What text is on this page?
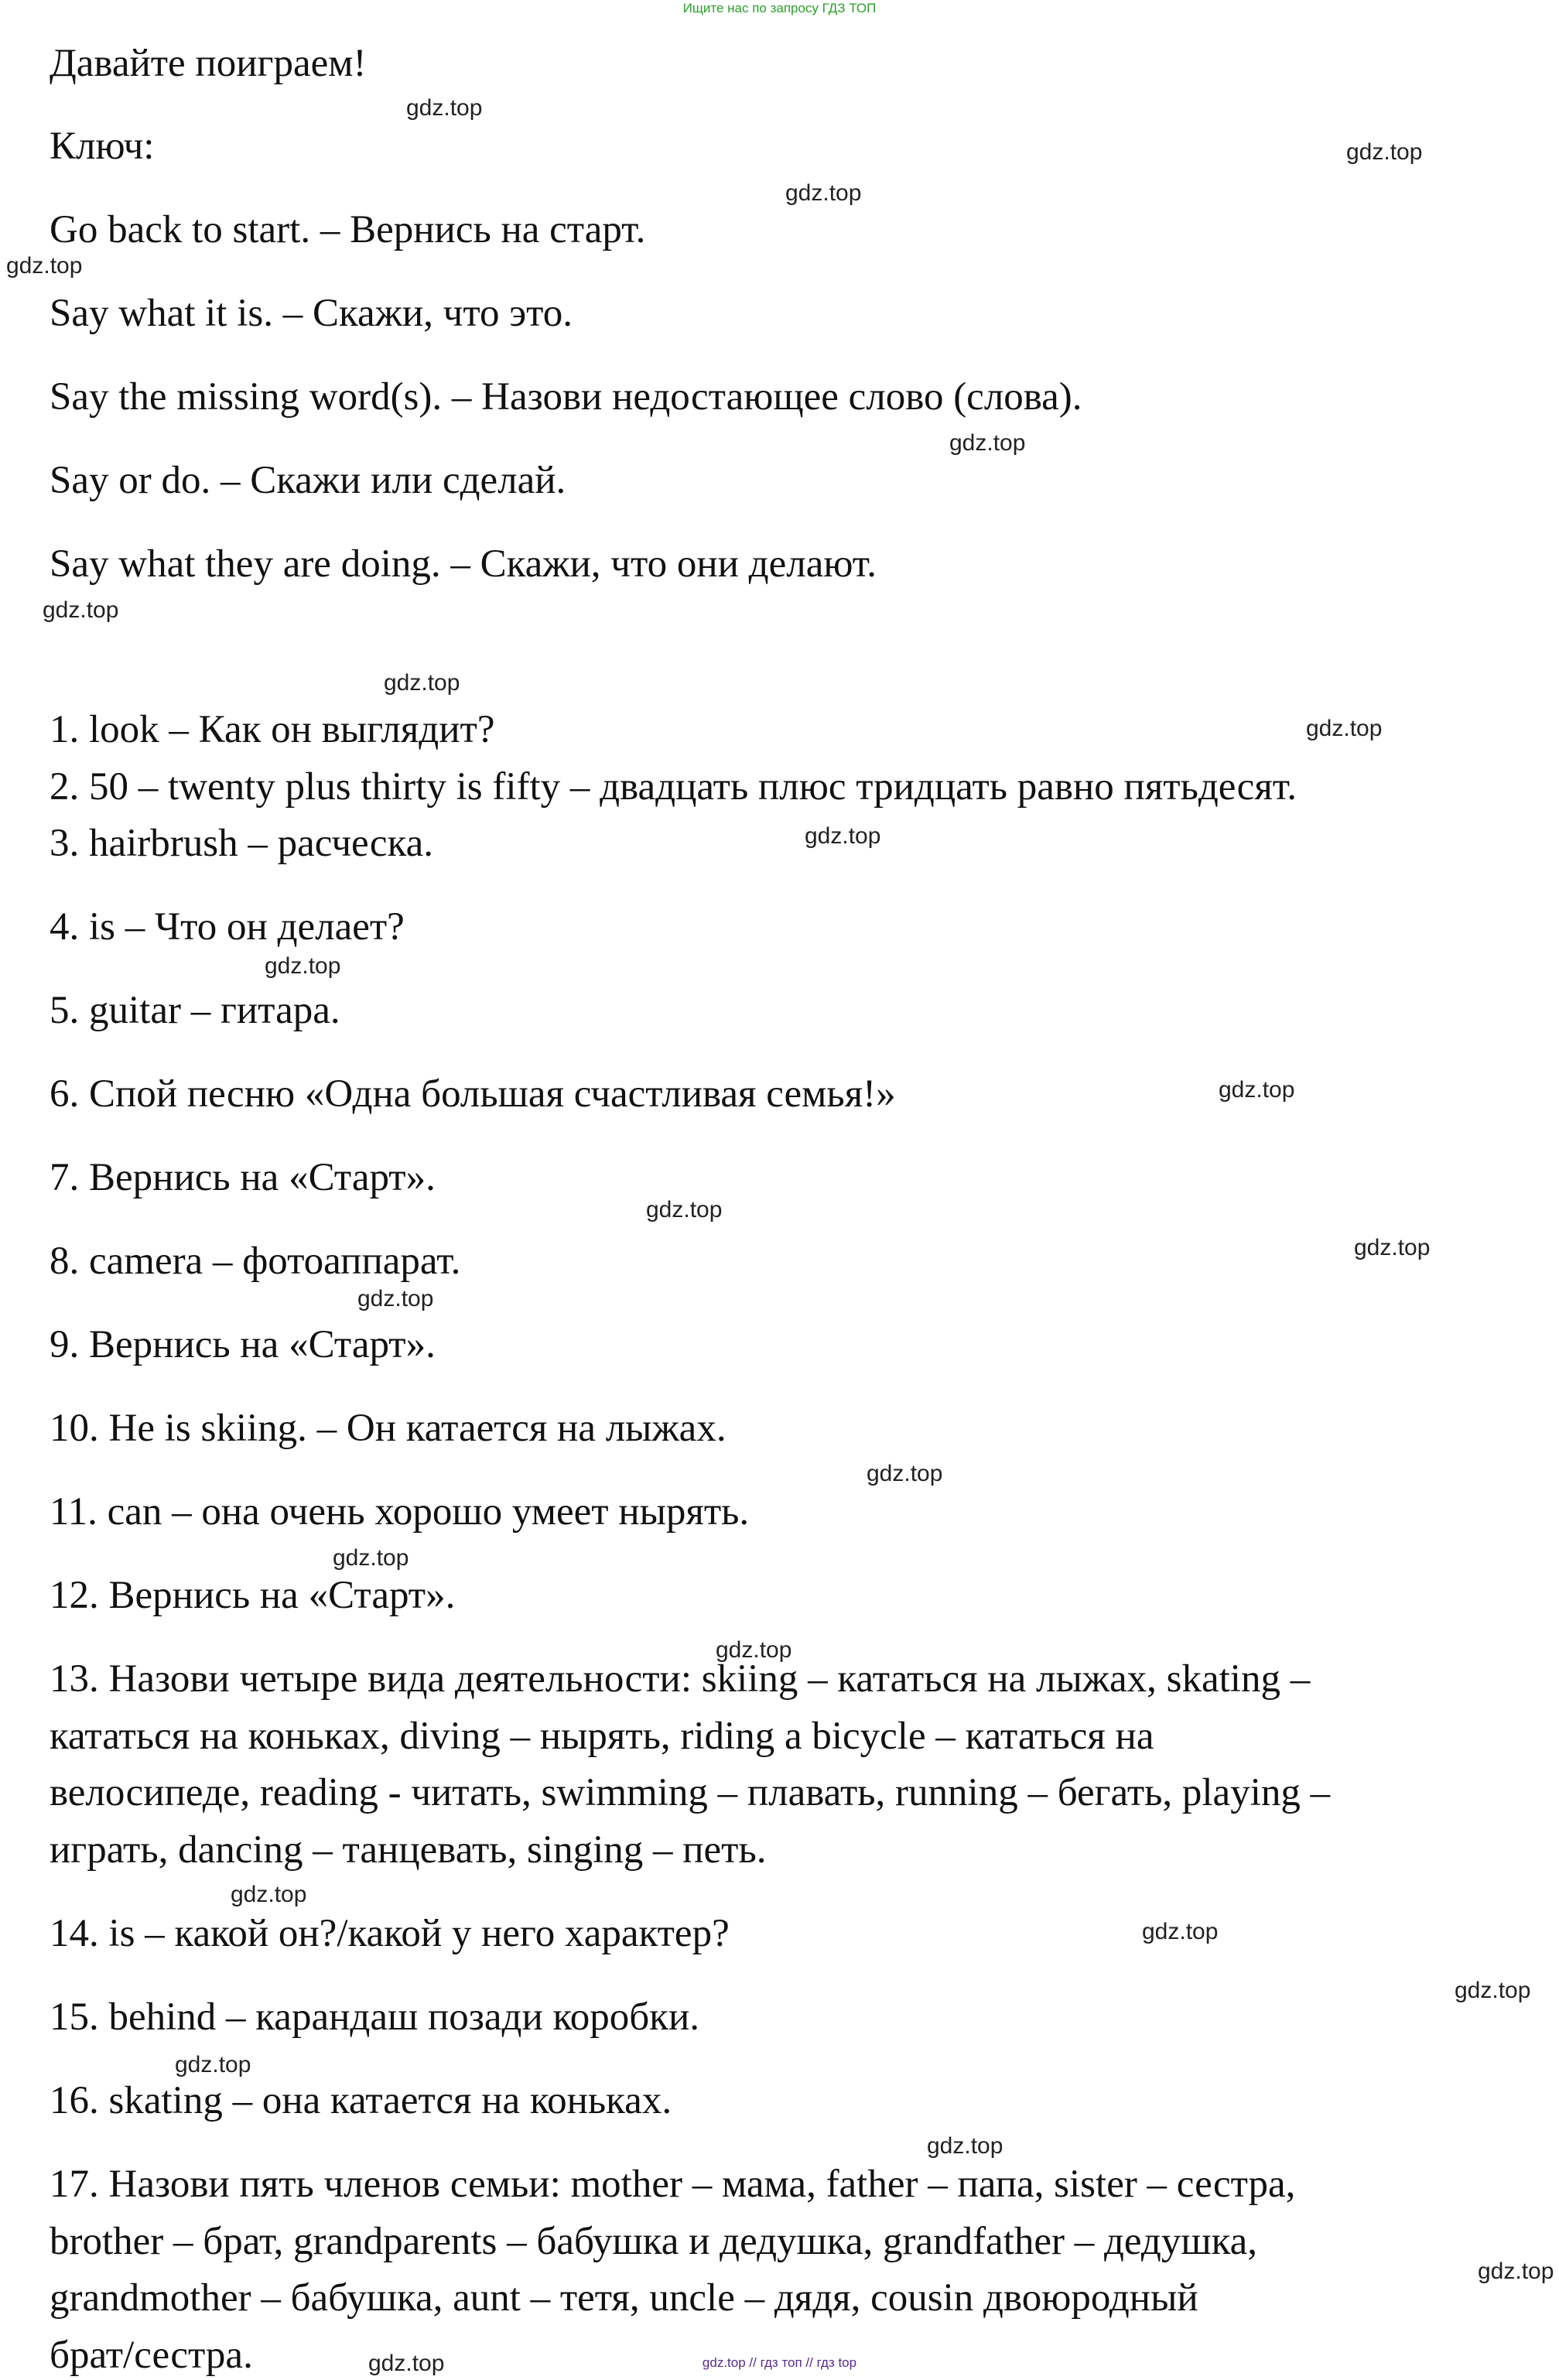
Ищите нас по запросу ГДЗ ТОП

Давайте поиграем!

Ключ:

Go back to start. – Вернись на старт.

Say what it is. – Скажи, что это.

Say the missing word(s). – Назови недостающее слово (слова).

Say or do. – Скажи или сделай.

Say what they are doing. – Скажи, что они делают.

1. look – Как он выглядит?

2. 50 – twenty plus thirty is fifty – двадцать плюс тридцать равно пятьдесят.

3. hairbrush – расческа.

4. is – Что он делает?

5. guitar – гитара.

6. Спой песню «Одна большая счастливая семья!»

7. Вернись на «Старт».

8. camera – фотоаппарат.

9. Вернись на «Старт».

10. He is skiing. – Он катается на лыжах.

11. can – она очень хорошо умеет нырять.

12. Вернись на «Старт».

13. Назови четыре вида деятельности: skiing – кататься на лыжах, skating –

кататься на коньках, diving – нырять, riding a bicycle – кататься на

велосипеде, reading - читать, swimming – плавать, running – бегать, playing –

играть, dancing – танцевать, singing – петь.

14. is – какой он?/какой у него характер?

15. behind – карандаш позади коробки.

16. skating – она катается на коньках.

17. Назови пять членов семьи: mother – мама, father – папа, sister – сестра,

brother – брат, grandparents – бабушка и дедушка, grandfather – дедушка,

grandmother – бабушка, aunt – тетя, uncle – дядя, cousin двоюродный

брат/сестра.

gdz.top
gdz.top
gdz.top
gdz.top
gdz.top
gdz.top
gdz.top
gdz.top
gdz.top
gdz.top
gdz.top
gdz.top
gdz.top
gdz.top
gdz.top
gdz.top
gdz.top
gdz.top
gdz.top
gdz.top
gdz.top
gdz.top
gdz.top
gdz.top	gdz.top // гдз топ // гдз top
